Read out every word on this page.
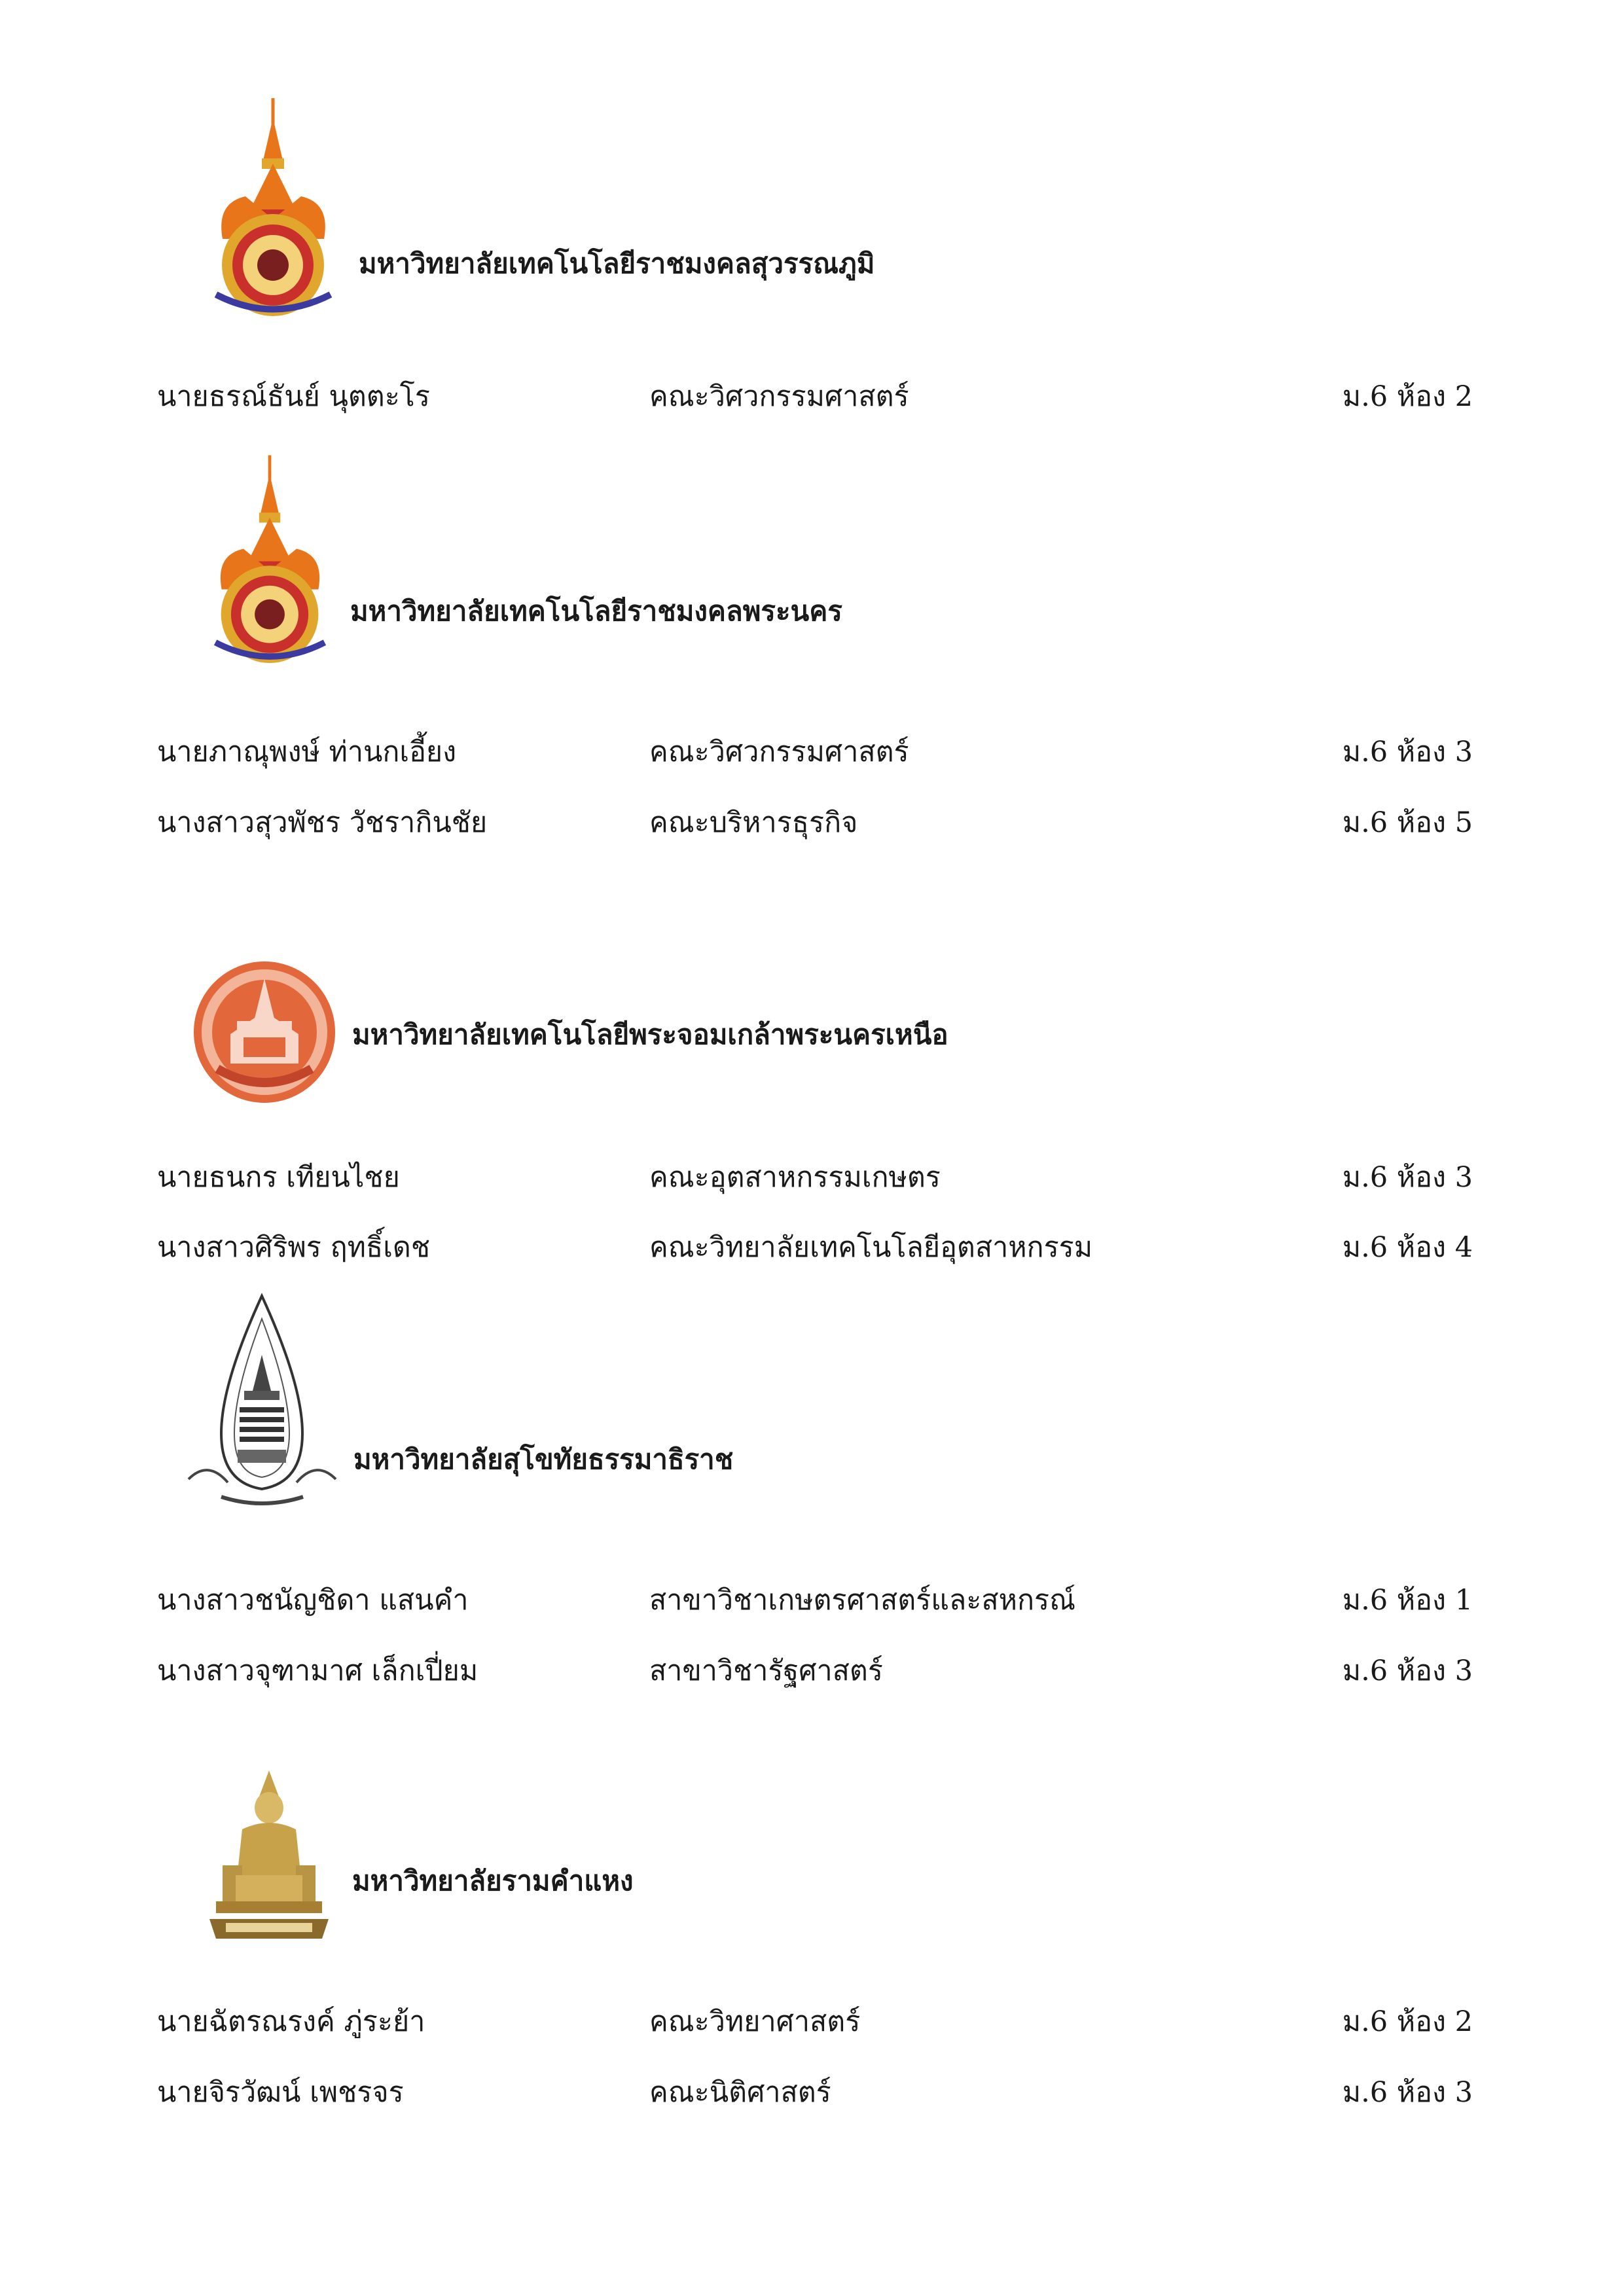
มหาวิทยาลัยเทคโนโลยีราชมงคลสุวรรณภูมิ
นายธรณ์ธันย์ นุตตะโร	คณะวิศวกรรมศาสตร์	ม.6 ห้อง 2
มหาวิทยาลัยเทคโนโลยีราชมงคลพระนคร
นายภาณุพงษ์ ท่านกเอี้ยง	คณะวิศวกรรมศาสตร์	ม.6 ห้อง 3
นางสาวสุวพัชร วัชรากินชัย	คณะบริหารธุรกิจ	ม.6 ห้อง 5
มหาวิทยาลัยเทคโนโลยีพระจอมเกล้าพระนครเหนือ
นายธนกร เทียนไชย	คณะอุตสาหกรรมเกษตร	ม.6 ห้อง 3
นางสาวศิริพร ฤทธิ์เดช	คณะวิทยาลัยเทคโนโลยีอุตสาหกรรม	ม.6 ห้อง 4
มหาวิทยาลัยสุโขทัยธรรมาธิราช
นางสาวชนัญชิดา แสนคำ	สาขาวิชาเกษตรศาสตร์และสหกรณ์	ม.6 ห้อง 1
นางสาวจุฑามาศ เล็กเปี่ยม	สาขาวิชารัฐศาสตร์	ม.6 ห้อง 3
มหาวิทยาลัยรามคำแหง
นายฉัตรณรงค์ ภู่ระย้า	คณะวิทยาศาสตร์	ม.6 ห้อง 2
นายจิรวัฒน์ เพชรจร	คณะนิติศาสตร์	ม.6 ห้อง 3
